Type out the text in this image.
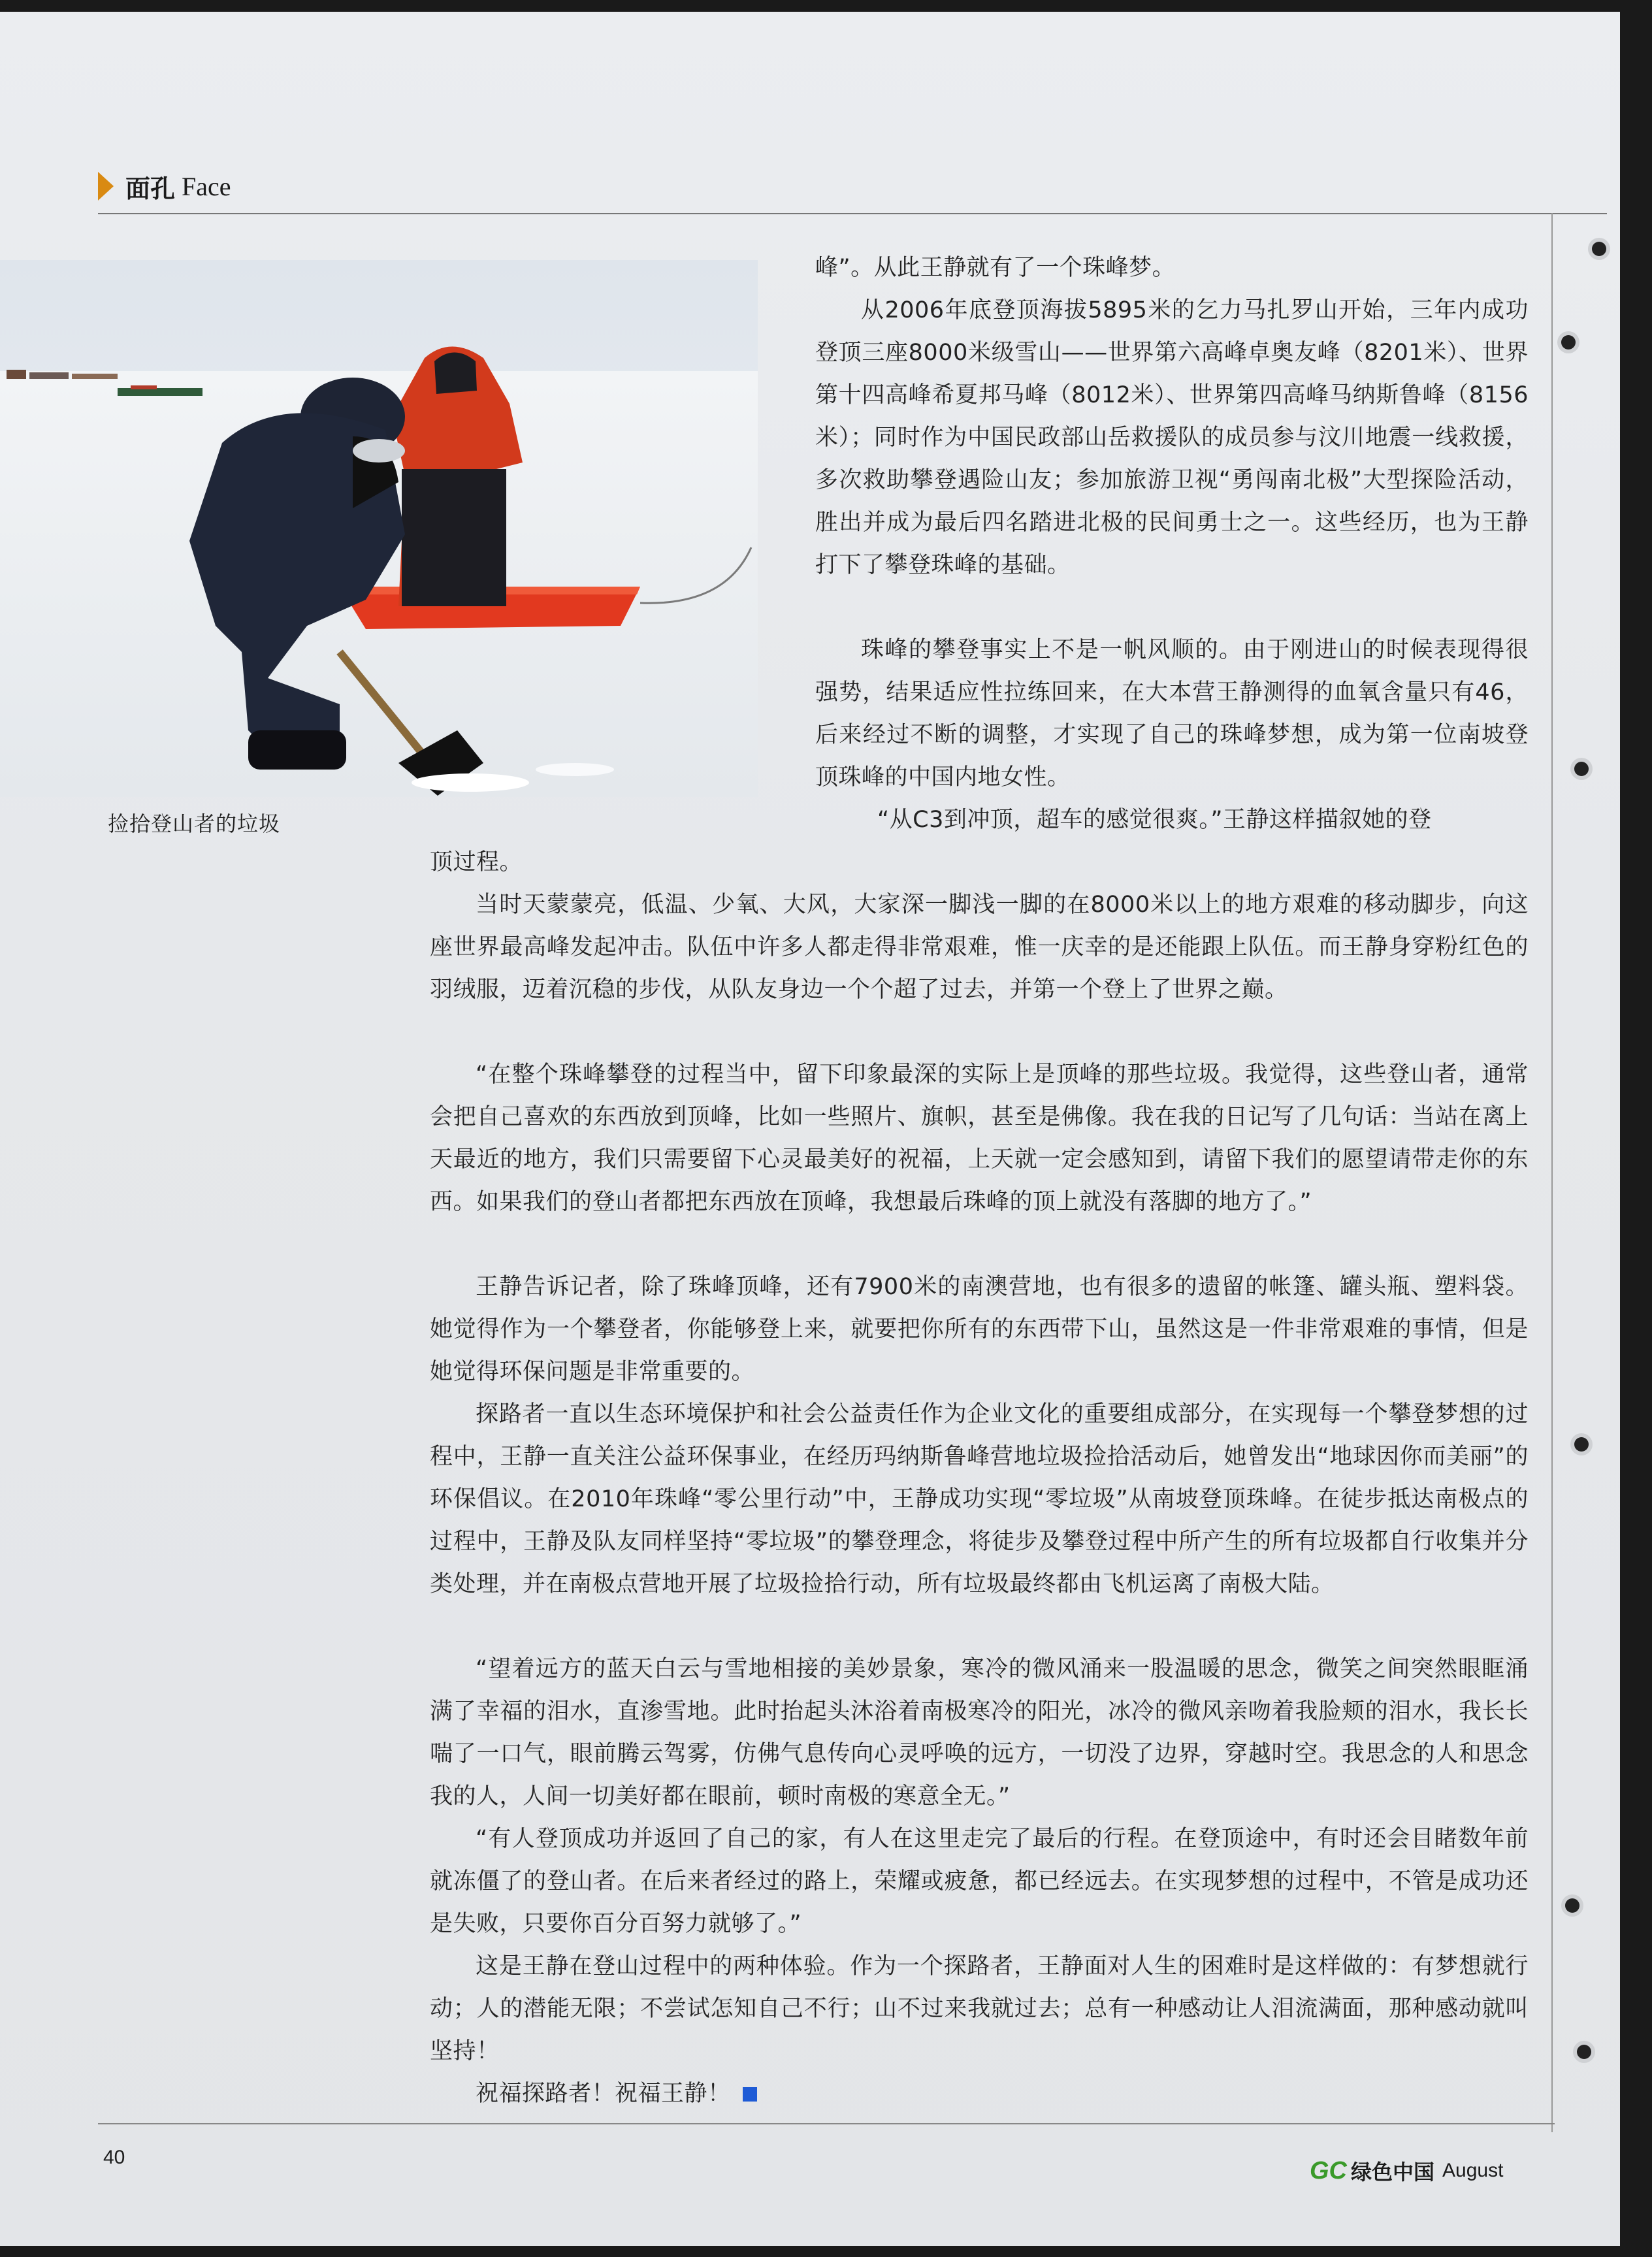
面孔 Face
捡拾登山者的垃圾

峰”。从此王静就有了一个珠峰梦。

从2006年底登顶海拔5895米的乞力马扎罗山开始，三年内成功登顶三座8000米级雪山——世界第六高峰卓奥友峰（8201米）、世界第十四高峰希夏邦马峰（8012米）、世界第四高峰马纳斯鲁峰（8156米）；同时作为中国民政部山岳救援队的成员参与汶川地震一线救援，多次救助攀登遇险山友；参加旅游卫视“勇闯南北极”大型探险活动，胜出并成为最后四名踏进北极的民间勇士之一。这些经历，也为王静打下了攀登珠峰的基础。

珠峰的攀登事实上不是一帆风顺的。由于刚进山的时候表现得很强势，结果适应性拉练回来，在大本营王静测得的血氧含量只有46，后来经过不断的调整，才实现了自己的珠峰梦想，成为第一位南坡登顶珠峰的中国内地女性。

“从C3到冲顶，超车的感觉很爽。”王静这样描叙她的登

顶过程。

当时天蒙蒙亮，低温、少氧、大风，大家深一脚浅一脚的在8000米以上的地方艰难的移动脚步，向这座世界最高峰发起冲击。队伍中许多人都走得非常艰难，惟一庆幸的是还能跟上队伍。而王静身穿粉红色的羽绒服，迈着沉稳的步伐，从队友身边一个个超了过去，并第一个登上了世界之巅。

“在整个珠峰攀登的过程当中，留下印象最深的实际上是顶峰的那些垃圾。我觉得，这些登山者，通常会把自己喜欢的东西放到顶峰，比如一些照片、旗帜，甚至是佛像。我在我的日记写了几句话：当站在离上天最近的地方，我们只需要留下心灵最美好的祝福，上天就一定会感知到，请留下我们的愿望请带走你的东西。如果我们的登山者都把东西放在顶峰，我想最后珠峰的顶上就没有落脚的地方了。”

王静告诉记者，除了珠峰顶峰，还有7900米的南澳营地，也有很多的遗留的帐篷、罐头瓶、塑料袋。她觉得作为一个攀登者，你能够登上来，就要把你所有的东西带下山，虽然这是一件非常艰难的事情，但是她觉得环保问题是非常重要的。

探路者一直以生态环境保护和社会公益责任作为企业文化的重要组成部分，在实现每一个攀登梦想的过程中，王静一直关注公益环保事业，在经历玛纳斯鲁峰营地垃圾捡拾活动后，她曾发出“地球因你而美丽”的环保倡议。在2010年珠峰“零公里行动”中，王静成功实现“零垃圾”从南坡登顶珠峰。在徒步抵达南极点的过程中，王静及队友同样坚持“零垃圾”的攀登理念，将徒步及攀登过程中所产生的所有垃圾都自行收集并分类处理，并在南极点营地开展了垃圾捡拾行动，所有垃圾最终都由飞机运离了南极大陆。

“望着远方的蓝天白云与雪地相接的美妙景象，寒冷的微风涌来一股温暖的思念，微笑之间突然眼眶涌满了幸福的泪水，直渗雪地。此时抬起头沐浴着南极寒冷的阳光，冰冷的微风亲吻着我脸颊的泪水，我长长喘了一口气，眼前腾云驾雾，仿佛气息传向心灵呼唤的远方，一切没了边界，穿越时空。我思念的人和思念我的人，人间一切美好都在眼前，顿时南极的寒意全无。”

“有人登顶成功并返回了自己的家，有人在这里走完了最后的行程。在登顶途中，有时还会目睹数年前就冻僵了的登山者。在后来者经过的路上，荣耀或疲惫，都已经远去。在实现梦想的过程中，不管是成功还是失败，只要你百分百努力就够了。”

这是王静在登山过程中的两种体验。作为一个探路者，王静面对人生的困难时是这样做的：有梦想就行动；人的潜能无限；不尝试怎知自己不行；山不过来我就过去；总有一种感动让人泪流满面，那种感动就叫坚持！

祝福探路者！祝福王静！

40	GC 绿色中国 August
